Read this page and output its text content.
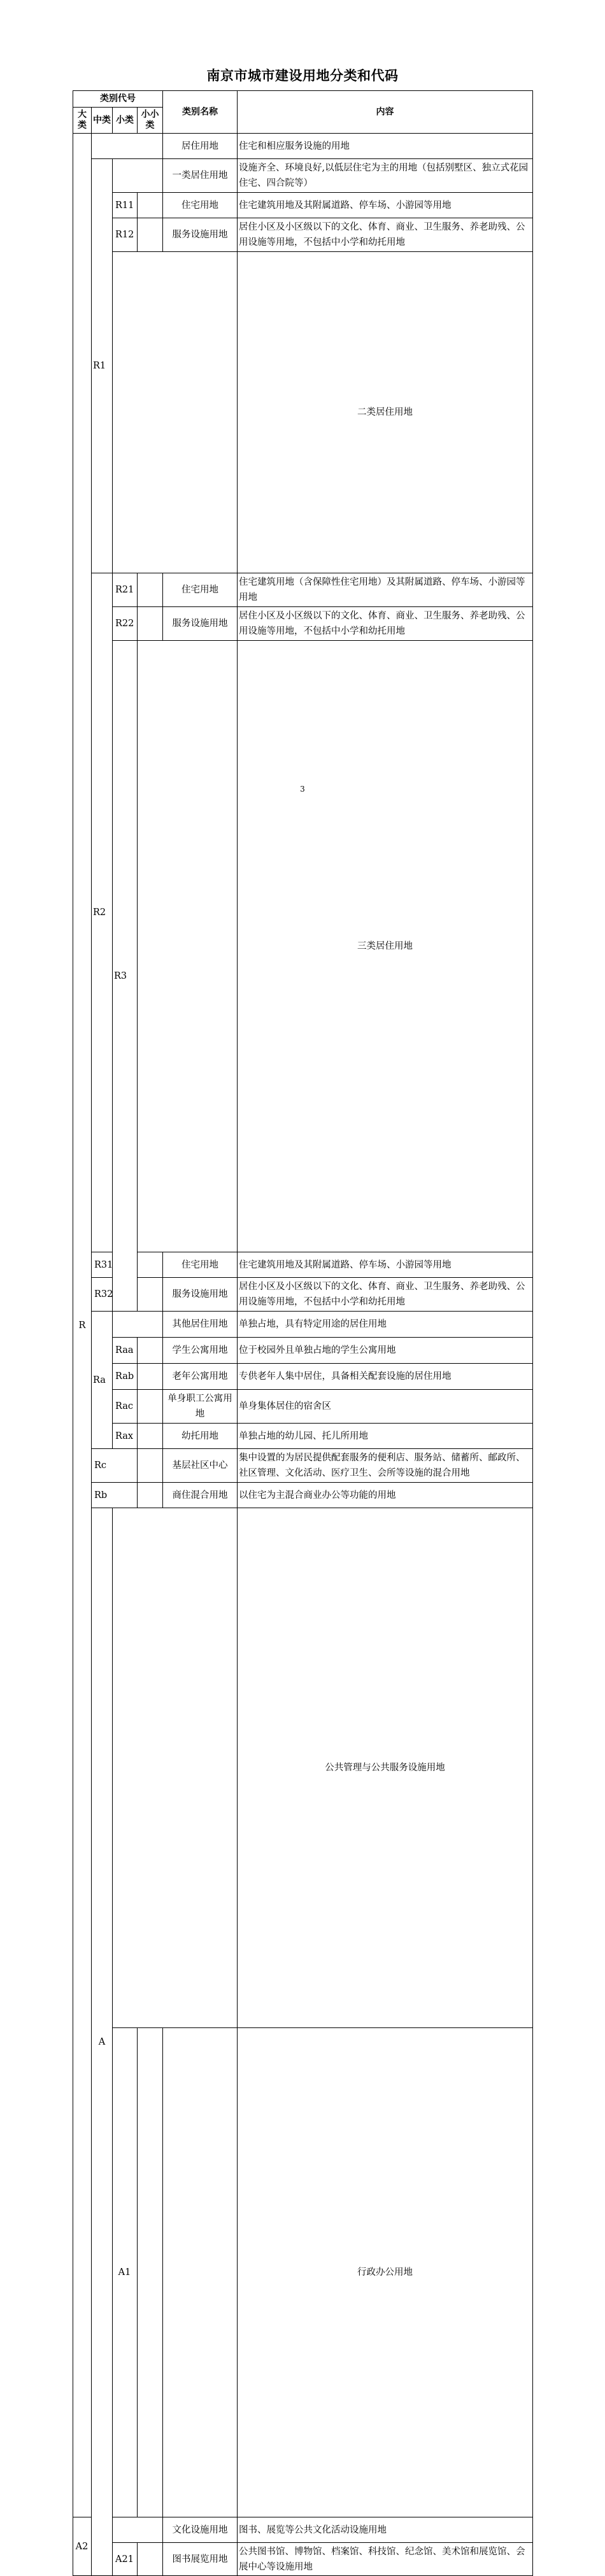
南京市城市建设用地分类和代码
类别代号				类别名称	内容	
大类	中类	小类	小小类			
R				居住用地	住宅和相应服务设施的用地	
	R1			一类居住用地	设施齐全、环境良好,以低层住宅为主的用地（包括别墅区、独立式花园住宅、四合院等）	
		R11		住宅用地	住宅建筑用地及其附属道路、停车场、小游园等用地	
		R12		服务设施用地	居住小区及小区级以下的文化、体育、商业、卫生服务、养老助残、公用设施等用地，不包括中小学和幼托用地	
					二类居住用地	
	R2	R21		住宅用地	住宅建筑用地（含保障性住宅用地）及其附属道路、停车场、小游园等用地	
		R22		服务设施用地	居住小区及小区级以下的文化、体育、商业、卫生服务、养老助残、公用设施等用地，不包括中小学和幼托用地	
		R3			三类居住用地	
	R31			住宅用地	住宅建筑用地及其附属道路、停车场、小游园等用地	
	R32			服务设施用地	居住小区及小区级以下的文化、体育、商业、卫生服务、养老助残、公用设施等用地，不包括中小学和幼托用地	
	Ra			其他居住用地	单独占地，具有特定用途的居住用地	
		Raa		学生公寓用地	位于校园外且单独占地的学生公寓用地	
		Rab		老年公寓用地	专供老年人集中居住，具备相关配套设施的居住用地	
		Rac		单身职工公寓用地	单身集体居住的宿舍区	
		Rax		幼托用地	单独占地的幼儿园、托儿所用地	
	Rc			基层社区中心	集中设置的为居民提供配套服务的便利店、服务站、储蓄所、邮政所、社区管理、文化活动、医疗卫生、会所等设施的混合用地	
	Rb			商住混合用地	以住宅为主混合商业办公等功能的用地	
	A				公共管理与公共服务设施用地	
		A1			行政办公用地	
A2				文化设施用地	图书、展览等公共文化活动设施用地	
		A21		图书展览用地	公共图书馆、博物馆、档案馆、科技馆、纪念馆、美术馆和展览馆、会展中心等设施用地	
3
